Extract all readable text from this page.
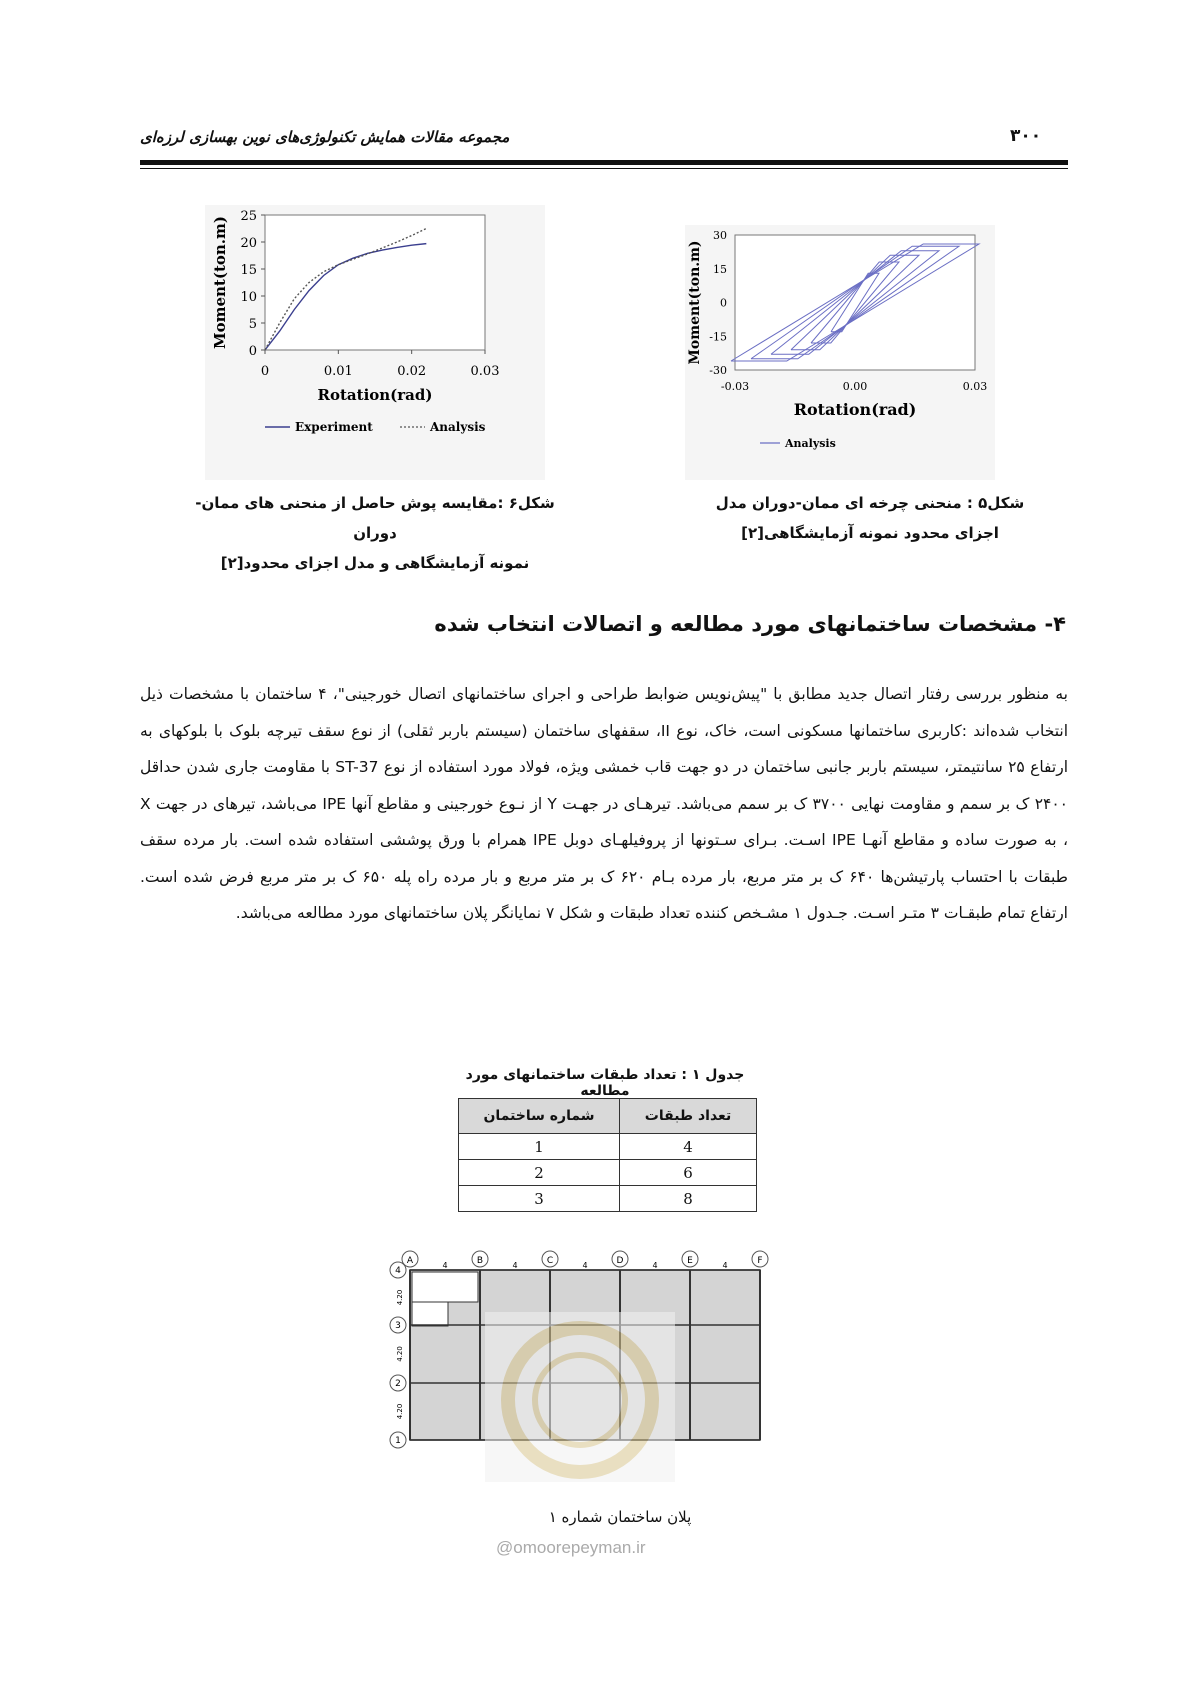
مجموعه مقالات همایش تکنولوژی‌های نوین بهسازی لرزه‌ای	۳۰۰
0	0.01	0.02	0.03
0
5
10
15
20
25
Rotation(rad)
Moment(ton.m)
Experiment	Analysis
شکل۶ :مقایسه پوش حاصل از منحنی های ممان-دوران
نمونه آزمایشگاهی و مدل اجزای محدود[۲]
-0.03	0.00	0.03
30
15
0
-15
-30
Rotation(rad)
Moment(ton.m)
Analysis
شکل۵ : منحنی چرخه ای ممان-دوران مدل
اجزای محدود نمونه آزمایشگاهی[۲]
۴- مشخصات ساختمانهای مورد مطالعه و اتصالات انتخاب شده
به منظور بررسی رفتار اتصال جدید مطابق با "پیش‌نویس ضوابط طراحی و اجرای ساختمانهای اتصال خورجینی"، ۴ ساختمان با مشخصات ذیل انتخاب شده‌اند :کاربری ساختمانها مسکونی است، خاک، نوع II، سقفهای ساختمان (سیستم باربر ثقلی) از نوع سقف تیرچه بلوک با بلوکهای به ارتفاع ۲۵ سانتیمتر، سیستم باربر جانبی ساختمان در دو جهت قاب خمشی ویژه، فولاد مورد استفاده از نوع ST-37 با مقاومت جاری شدن حداقل ۲۴۰۰ ک بر سمم و مقاومت نهایی ۳۷۰۰ ک بر سمم می‌باشد. تیرهـای در جهـت Y از نـوع خورجینی و مقاطع آنها IPE می‌باشد، تیرهای در جهت X ، به صورت ساده و مقاطع آنهـا IPE اسـت. بـرای سـتونها از پروفیلهـای دوبل IPE همرام با ورق پوششی استفاده شده است. بار مرده سقف طبقات با احتساب پارتیشن‌ها ۶۴۰ ک بر متر مربع، بار مرده بـام ۶۲۰ ک بر متر مربع و بار مرده راه پله ۶۵۰ ک بر متر مربع فرض شده است. ارتفاع تمام طبقـات ۳ متـر اسـت. جـدول ۱ مشـخص کننده تعداد طبقات و شکل ۷ نمایانگر پلان ساختمانهای مورد مطالعه می‌باشد.
جدول ۱ : تعداد طبقات ساختمانهای مورد مطالعه
شماره ساختمان	تعداد طبقات
1	4
2	6
3	8
A	4	B	4	C	4	D	4	E	4	F
4
4.20
3
4.20
2
4.20
1
پلان ساختمان شماره ۱
@omoorepeyman.ir
